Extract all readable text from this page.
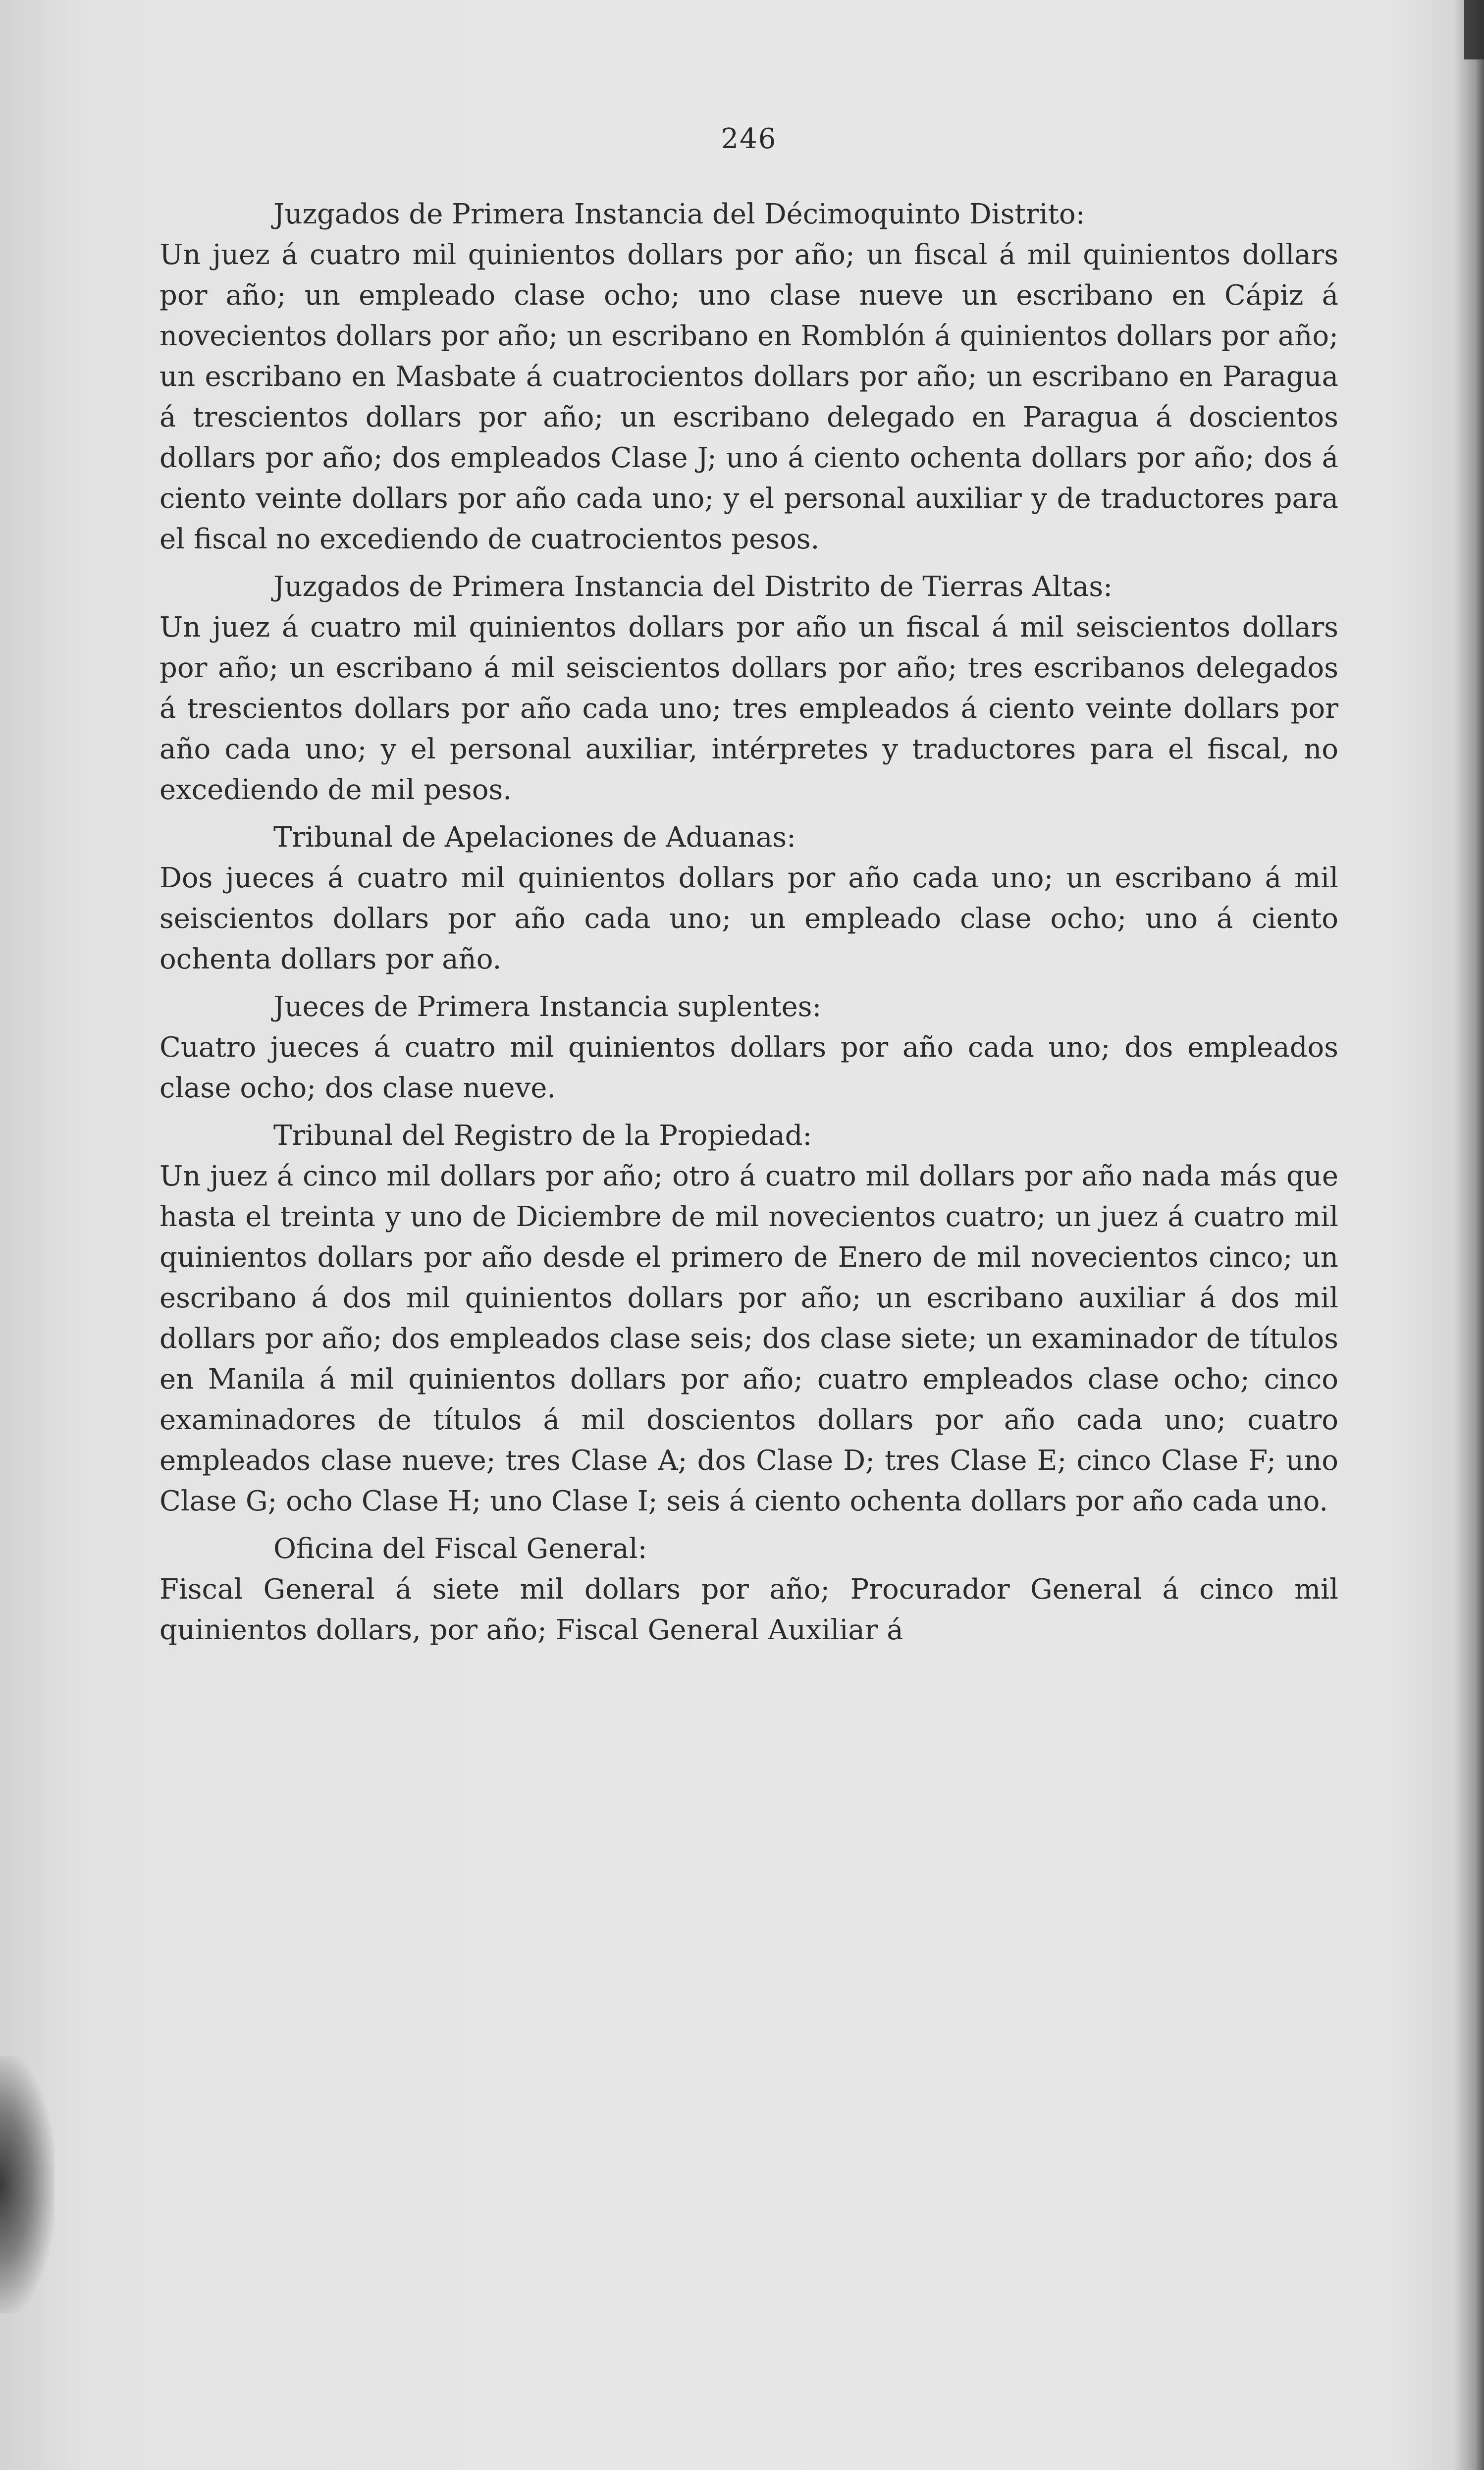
246
Juzgados de Primera Instancia del Décimoquinto Distrito:

Un juez á cuatro mil quinientos dollars por año; un fiscal á mil quinientos dollars por año; un empleado clase ocho; uno clase nueve un escribano en Cápiz á novecientos dollars por año; un escribano en Romblón á quinientos dollars por año; un escribano en Masbate á cuatrocientos dollars por año; un escribano en Paragua á trescientos dollars por año; un escribano delegado en Paragua á doscientos dollars por año; dos empleados Clase J; uno á ciento ochenta dollars por año; dos á ciento veinte dollars por año cada uno; y el personal auxiliar y de traductores para el fiscal no excediendo de cuatrocientos pesos.

Juzgados de Primera Instancia del Distrito de Tierras Altas:

Un juez á cuatro mil quinientos dollars por año un fiscal á mil seiscientos dollars por año; un escribano á mil seiscientos dollars por año; tres escribanos delegados á trescientos dollars por año cada uno; tres empleados á ciento veinte dollars por año cada uno; y el personal auxiliar, intérpretes y traductores para el fiscal, no excediendo de mil pesos.

Tribunal de Apelaciones de Aduanas:

Dos jueces á cuatro mil quinientos dollars por año cada uno; un escribano á mil seiscientos dollars por año cada uno; un empleado clase ocho; uno á ciento ochenta dollars por año.

Jueces de Primera Instancia suplentes:

Cuatro jueces á cuatro mil quinientos dollars por año cada uno; dos empleados clase ocho; dos clase nueve.

Tribunal del Registro de la Propiedad:

Un juez á cinco mil dollars por año; otro á cuatro mil dollars por año nada más que hasta el treinta y uno de Diciembre de mil novecientos cuatro; un juez á cuatro mil quinientos dollars por año desde el primero de Enero de mil novecientos cinco; un escribano á dos mil quinientos dollars por año; un escribano auxiliar á dos mil dollars por año; dos empleados clase seis; dos clase siete; un examinador de títulos en Manila á mil quinientos dollars por año; cuatro empleados clase ocho; cinco examinadores de títulos á mil doscientos dollars por año cada uno; cuatro empleados clase nueve; tres Clase A; dos Clase D; tres Clase E; cinco Clase F; uno Clase G; ocho Clase H; uno Clase I; seis á ciento ochenta dollars por año cada uno.

Oficina del Fiscal General:

Fiscal General á siete mil dollars por año; Procurador General á cinco mil quinientos dollars, por año; Fiscal General Auxiliar á
